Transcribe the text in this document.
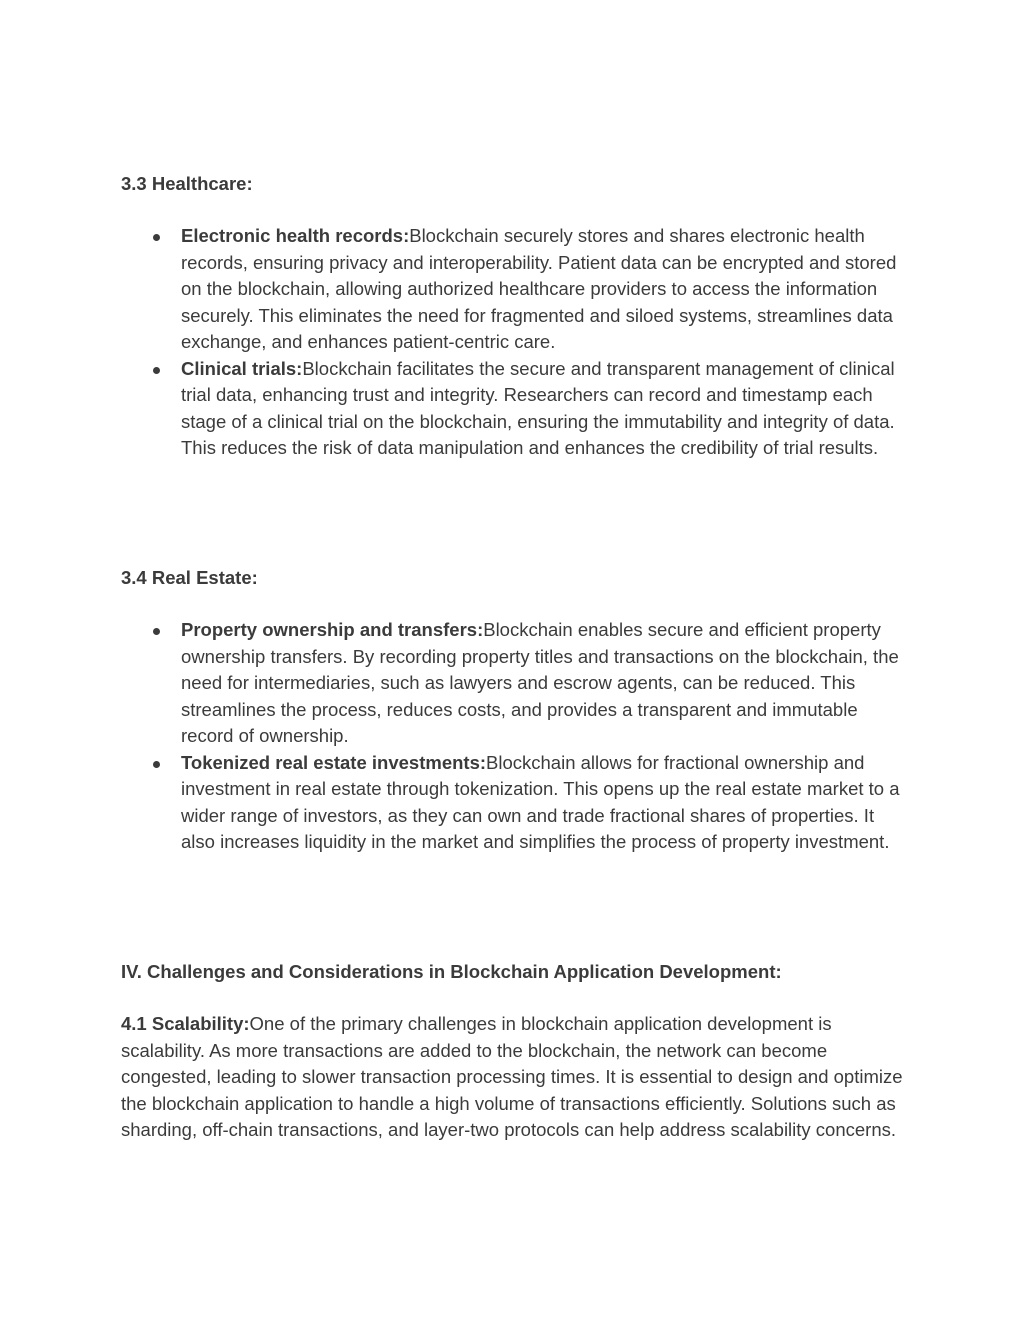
3.3 Healthcare:
Electronic health records:Blockchain securely stores and shares electronic health records, ensuring privacy and interoperability. Patient data can be encrypted and stored on the blockchain, allowing authorized healthcare providers to access the information securely. This eliminates the need for fragmented and siloed systems, streamlines data exchange, and enhances patient-centric care.
Clinical trials:Blockchain facilitates the secure and transparent management of clinical trial data, enhancing trust and integrity. Researchers can record and timestamp each stage of a clinical trial on the blockchain, ensuring the immutability and integrity of data. This reduces the risk of data manipulation and enhances the credibility of trial results.
3.4 Real Estate:
Property ownership and transfers:Blockchain enables secure and efficient property ownership transfers. By recording property titles and transactions on the blockchain, the need for intermediaries, such as lawyers and escrow agents, can be reduced. This streamlines the process, reduces costs, and provides a transparent and immutable record of ownership.
Tokenized real estate investments:Blockchain allows for fractional ownership and investment in real estate through tokenization. This opens up the real estate market to a wider range of investors, as they can own and trade fractional shares of properties. It also increases liquidity in the market and simplifies the process of property investment.
IV. Challenges and Considerations in Blockchain Application Development:

4.1 Scalability:One of the primary challenges in blockchain application development is scalability. As more transactions are added to the blockchain, the network can become congested, leading to slower transaction processing times. It is essential to design and optimize the blockchain application to handle a high volume of transactions efficiently. Solutions such as sharding, off-chain transactions, and layer-two protocols can help address scalability concerns.
